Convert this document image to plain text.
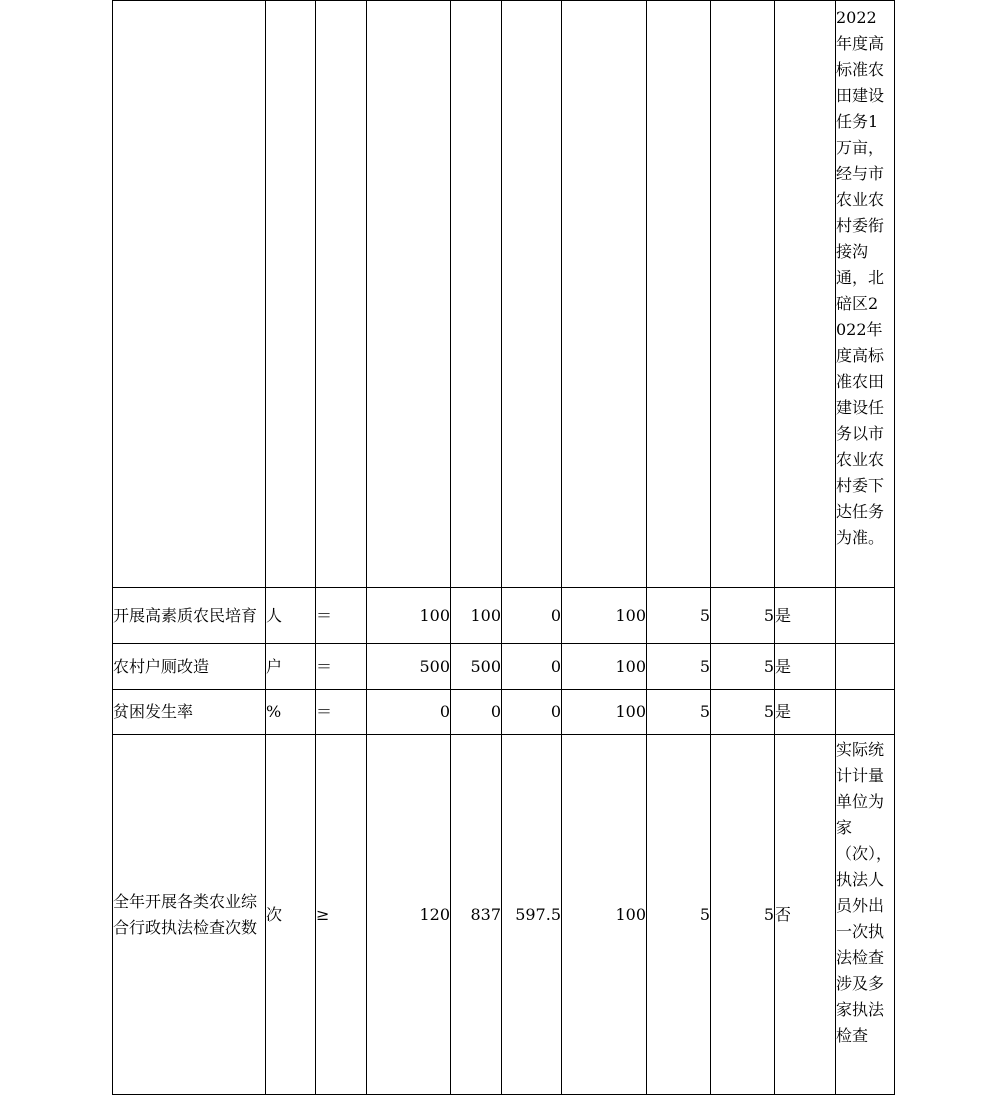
										2022年度高标准农田建设任务1万亩，经与市农业农村委衔接沟通，北碚区2022年度高标准农田建设任务以市农业农村委下达任务为准。

开展高素质农民培育	人	＝	100	100	0	100	5	5	是	
农村户厕改造	户	＝	500	500	0	100	5	5	是	
贫困发生率	%	＝	0	0	0	100	5	5	是	
全年开展各类农业综合行政执法检查次数	次	≥	120	837	597.5	100	5	5	否	实际统计计量单位为家（次），执法人员外出一次执法检查涉及多家执法检查
